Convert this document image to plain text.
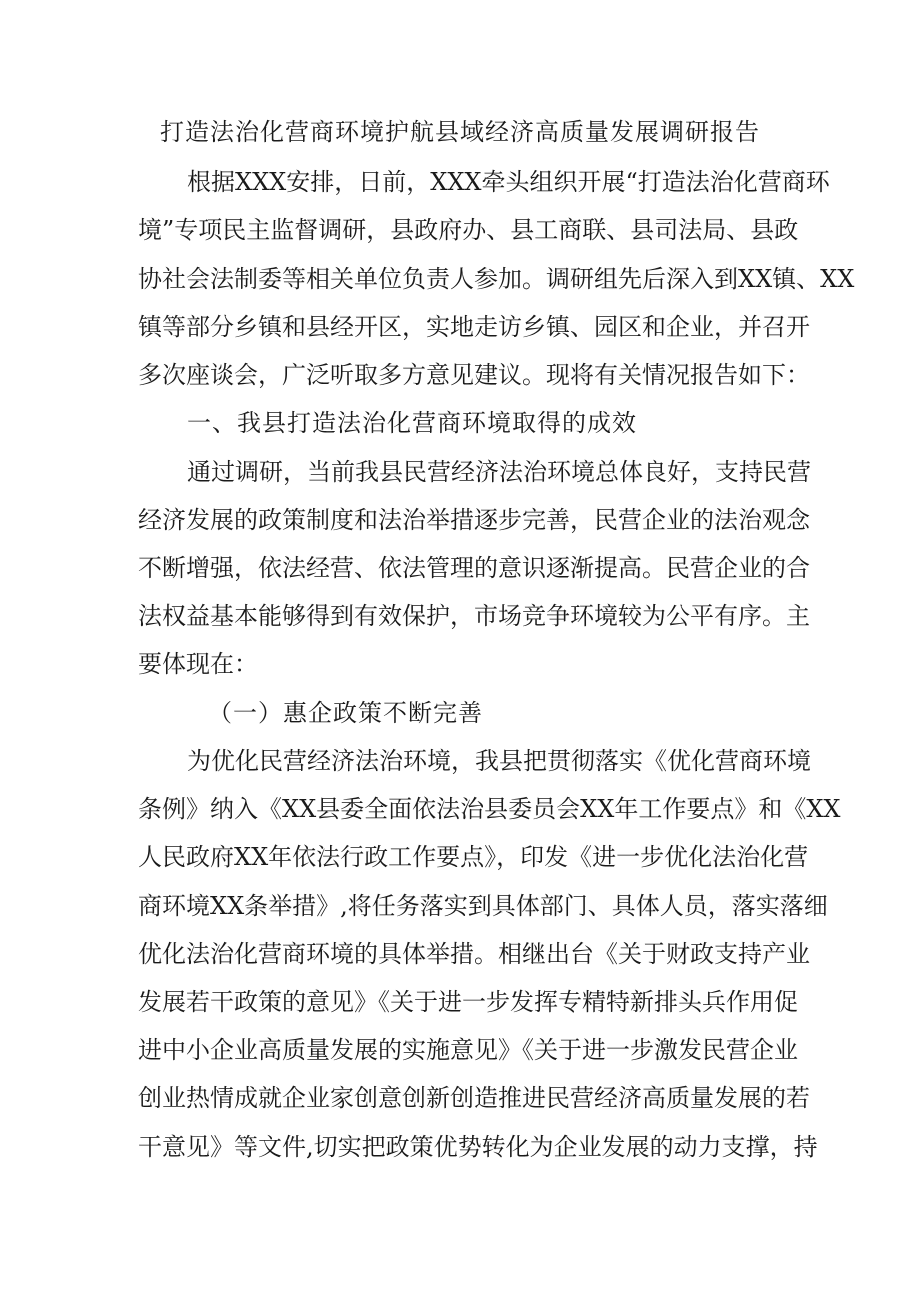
打造法治化营商环境护航县域经济高质量发展调研报告
根据XXX安排，日前，XXX牵头组织开展“打造法治化营商环
境”专项民主监督调研，县政府办、县工商联、县司法局、县政
协社会法制委等相关单位负责人参加。调研组先后深入到XX镇、XX
镇等部分乡镇和县经开区，实地走访乡镇、园区和企业，并召开
多次座谈会，广泛听取多方意见建议。现将有关情况报告如下：
一、我县打造法治化营商环境取得的成效
通过调研，当前我县民营经济法治环境总体良好，支持民营
经济发展的政策制度和法治举措逐步完善，民营企业的法治观念
不断增强，依法经营、依法管理的意识逐渐提高。民营企业的合
法权益基本能够得到有效保护，市场竞争环境较为公平有序。主
要体现在：
（一）惠企政策不断完善
为优化民营经济法治环境，我县把贯彻落实《优化营商环境
条例》纳入《XX县委全面依法治县委员会XX年工作要点》和《XX
人民政府XX年依法行政工作要点》，印发《进一步优化法治化营
商环境XX条举措》,将任务落实到具体部门、具体人员，落实落细
优化法治化营商环境的具体举措。相继出台《关于财政支持产业
发展若干政策的意见》《关于进一步发挥专精特新排头兵作用促
进中小企业高质量发展的实施意见》《关于进一步激发民营企业
创业热情成就企业家创意创新创造推进民营经济高质量发展的若
干意见》等文件,切实把政策优势转化为企业发展的动力支撑，持
